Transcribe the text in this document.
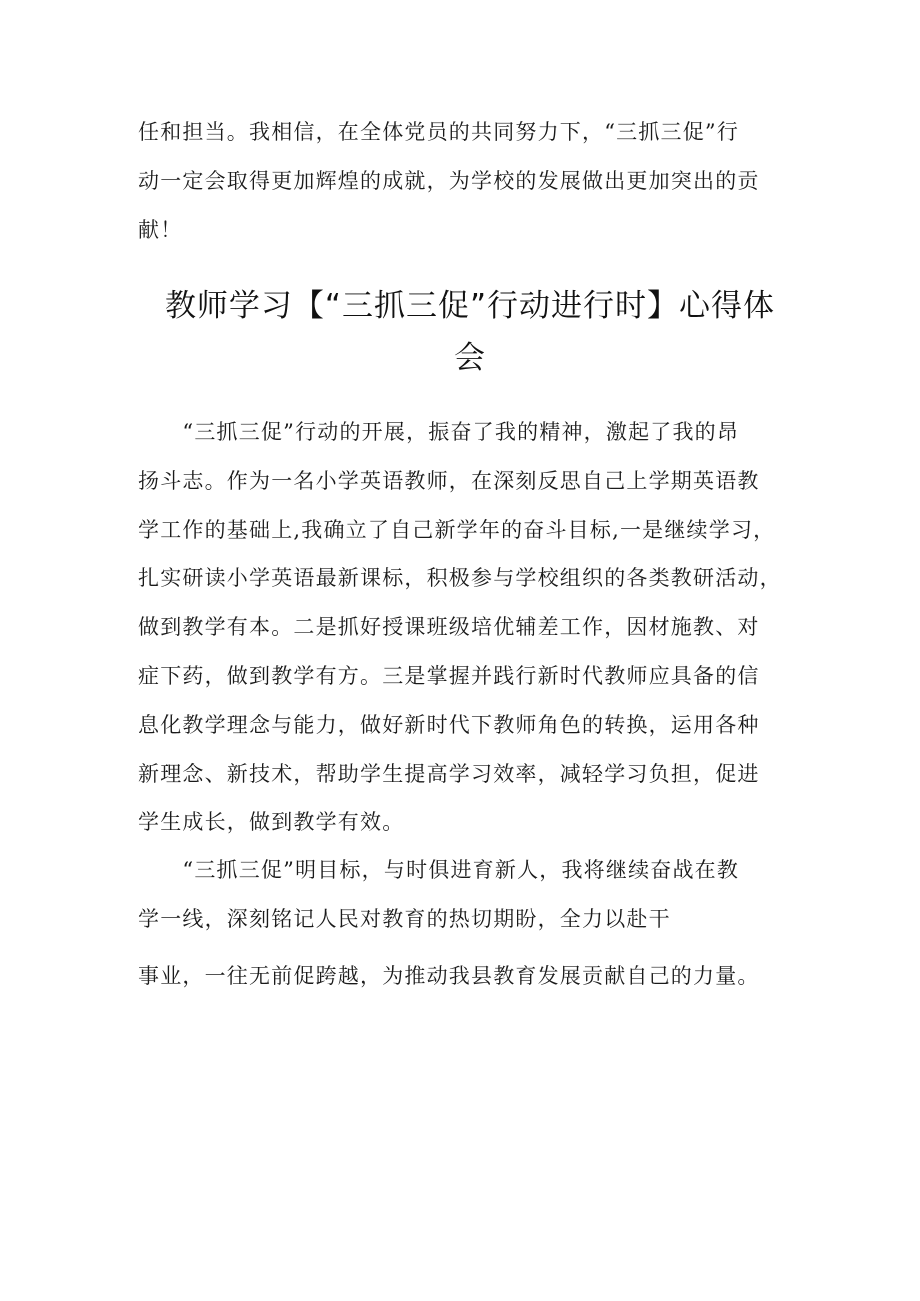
任和担当。我相信，在全体党员的共同努力下，“三抓三促”行
动一定会取得更加辉煌的成就，为学校的发展做出更加突出的贡
献！
教师学习【“三抓三促”行动进行时】心得体
会
　　“三抓三促”行动的开展，振奋了我的精神，激起了我的昂
扬斗志。作为一名小学英语教师，在深刻反思自己上学期英语教
学工作的基础上,我确立了自己新学年的奋斗目标,一是继续学习，
扎实研读小学英语最新课标，积极参与学校组织的各类教研活动，
做到教学有本。二是抓好授课班级培优辅差工作，因材施教、对
症下药，做到教学有方。三是掌握并践行新时代教师应具备的信
息化教学理念与能力，做好新时代下教师角色的转换，运用各种
新理念、新技术，帮助学生提高学习效率，减轻学习负担，促进
学生成长，做到教学有效。
　　“三抓三促”明目标，与时俱进育新人，我将继续奋战在教
学一线，深刻铭记人民对教育的热切期盼，全力以赴干
事业，一往无前促跨越，为推动我县教育发展贡献自己的力量。
